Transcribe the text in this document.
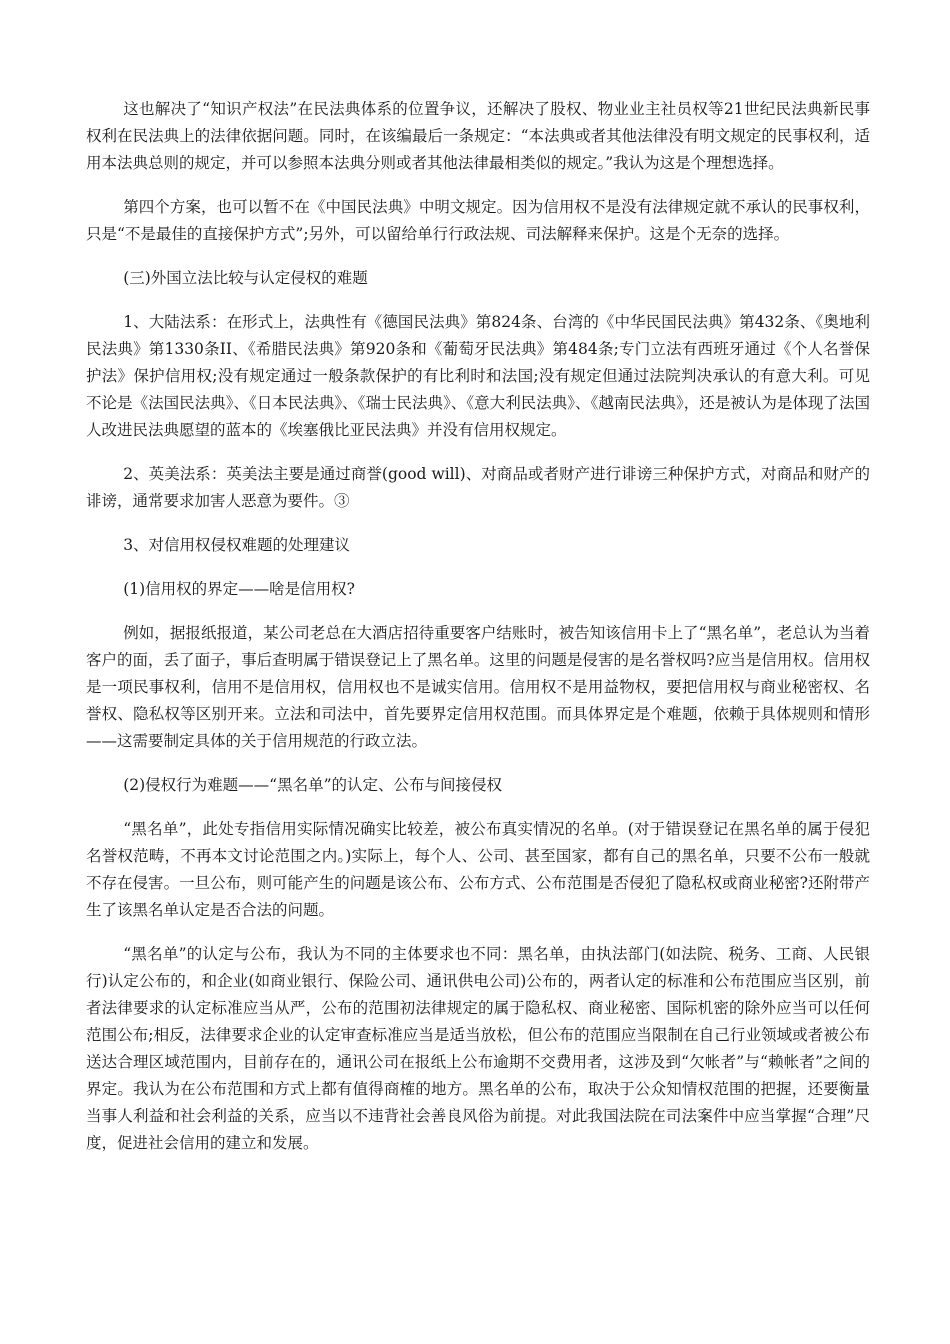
这也解决了“知识产权法”在民法典体系的位置争议，还解决了股权、物业业主社员权等21世纪民法典新民事权利在民法典上的法律依据问题。同时，在该编最后一条规定：“本法典或者其他法律没有明文规定的民事权利，适用本法典总则的规定，并可以参照本法典分则或者其他法律最相类似的规定。”我认为这是个理想选择。

第四个方案，也可以暂不在《中国民法典》中明文规定。因为信用权不是没有法律规定就不承认的民事权利，只是“不是最佳的直接保护方式”;另外，可以留给单行行政法规、司法解释来保护。这是个无奈的选择。

(三)外国立法比较与认定侵权的难题

1、大陆法系：在形式上，法典性有《德国民法典》第824条、台湾的《中华民国民法典》第432条、《奥地利民法典》第1330条II、《希腊民法典》第920条和《葡萄牙民法典》第484条;专门立法有西班牙通过《个人名誉保护法》保护信用权;没有规定通过一般条款保护的有比利时和法国;没有规定但通过法院判决承认的有意大利。可见不论是《法国民法典》、《日本民法典》、《瑞士民法典》、《意大利民法典》、《越南民法典》，还是被认为是体现了法国人改进民法典愿望的蓝本的《埃塞俄比亚民法典》并没有信用权规定。

2、英美法系：英美法主要是通过商誉(good will)、对商品或者财产进行诽谤三种保护方式，对商品和财产的诽谤，通常要求加害人恶意为要件。③

3、对信用权侵权难题的处理建议

(1)信用权的界定——啥是信用权?

例如，据报纸报道，某公司老总在大酒店招待重要客户结账时，被告知该信用卡上了“黑名单”，老总认为当着客户的面，丢了面子，事后查明属于错误登记上了黑名单。这里的问题是侵害的是名誉权吗?应当是信用权。信用权是一项民事权利，信用不是信用权，信用权也不是诚实信用。信用权不是用益物权，要把信用权与商业秘密权、名誉权、隐私权等区别开来。立法和司法中，首先要界定信用权范围。而具体界定是个难题，依赖于具体规则和情形——这需要制定具体的关于信用规范的行政立法。

(2)侵权行为难题——“黑名单”的认定、公布与间接侵权

“黑名单”，此处专指信用实际情况确实比较差，被公布真实情况的名单。(对于错误登记在黑名单的属于侵犯名誉权范畴，不再本文讨论范围之内。)实际上，每个人、公司、甚至国家，都有自己的黑名单，只要不公布一般就不存在侵害。一旦公布，则可能产生的问题是该公布、公布方式、公布范围是否侵犯了隐私权或商业秘密?还附带产生了该黑名单认定是否合法的问题。

“黑名单”的认定与公布，我认为不同的主体要求也不同：黑名单，由执法部门(如法院、税务、工商、人民银行)认定公布的，和企业(如商业银行、保险公司、通讯供电公司)公布的，两者认定的标准和公布范围应当区别，前者法律要求的认定标准应当从严，公布的范围初法律规定的属于隐私权、商业秘密、国际机密的除外应当可以任何范围公布;相反，法律要求企业的认定审查标准应当是适当放松，但公布的范围应当限制在自己行业领域或者被公布送达合理区域范围内，目前存在的，通讯公司在报纸上公布逾期不交费用者，这涉及到“欠帐者”与“赖帐者”之间的界定。我认为在公布范围和方式上都有值得商榷的地方。黑名单的公布，取决于公众知情权范围的把握，还要衡量当事人利益和社会利益的关系，应当以不违背社会善良风俗为前提。对此我国法院在司法案件中应当掌握“合理”尺度，促进社会信用的建立和发展。
